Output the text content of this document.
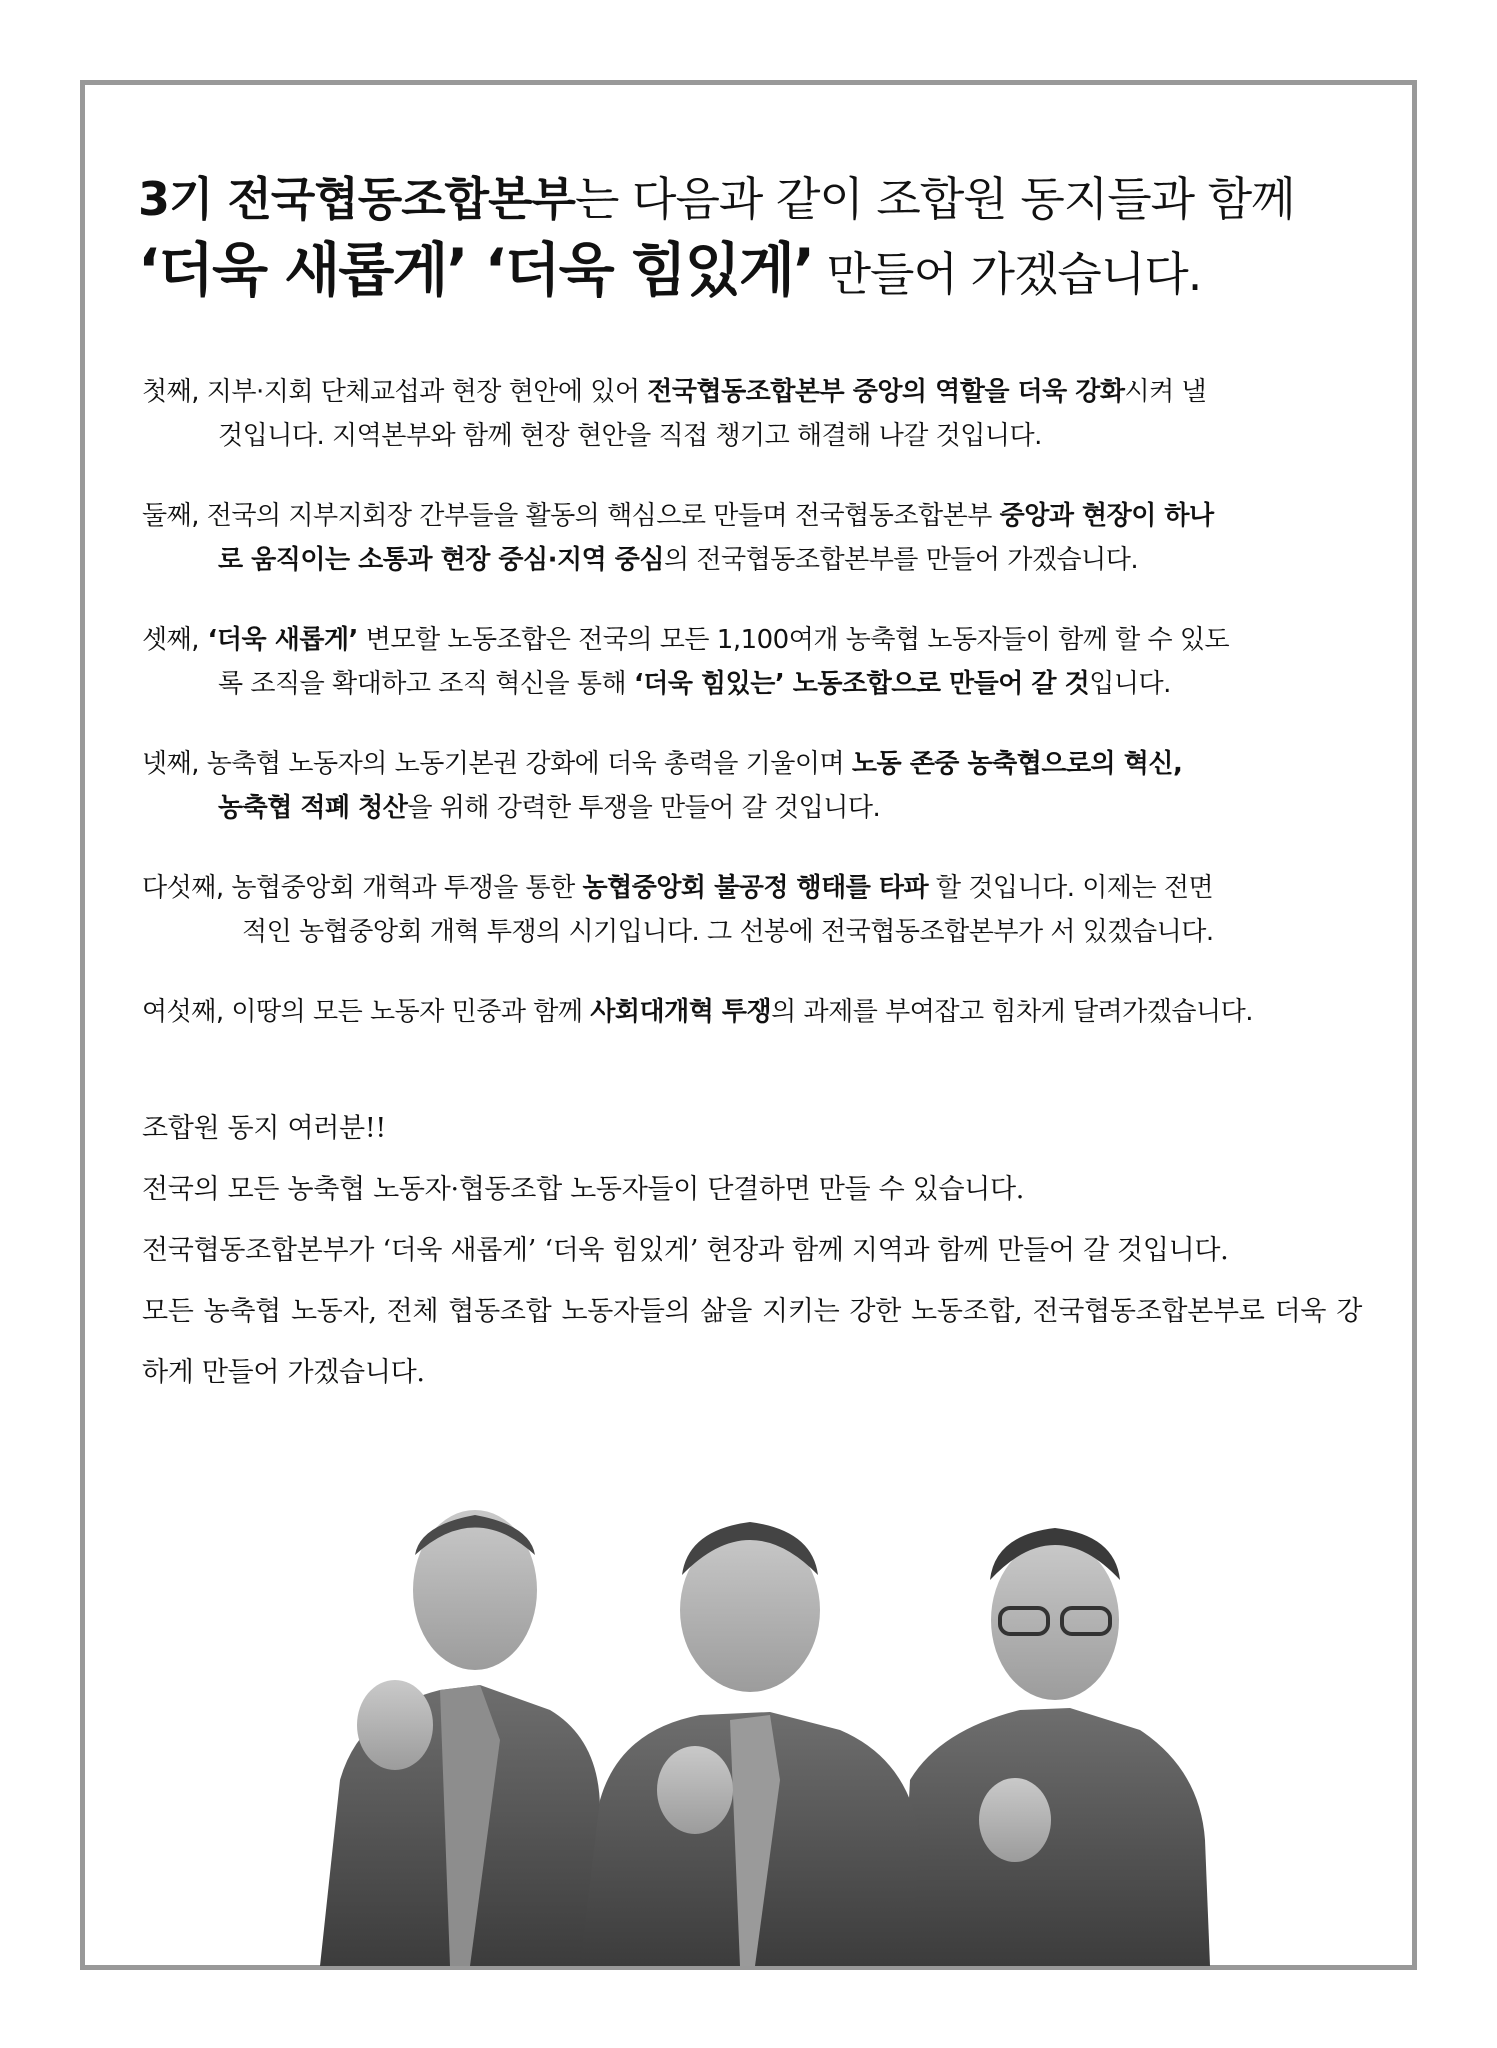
3기 전국협동조합본부는 다음과 같이 조합원 동지들과 함께
‘더욱 새롭게’ ‘더욱 힘있게’ 만들어 가겠습니다.
첫째, 지부·지회 단체교섭과 현장 현안에 있어 전국협동조합본부 중앙의 역할을 더욱 강화시켜 낼
것입니다. 지역본부와 함께 현장 현안을 직접 챙기고 해결해 나갈 것입니다.
둘째, 전국의 지부지회장 간부들을 활동의 핵심으로 만들며 전국협동조합본부 중앙과 현장이 하나
로 움직이는 소통과 현장 중심·지역 중심의 전국협동조합본부를 만들어 가겠습니다.
셋째, ‘더욱 새롭게’ 변모할 노동조합은 전국의 모든 1,100여개 농축협 노동자들이 함께 할 수 있도
록 조직을 확대하고 조직 혁신을 통해 ‘더욱 힘있는’ 노동조합으로 만들어 갈 것입니다.
넷째, 농축협 노동자의 노동기본권 강화에 더욱 총력을 기울이며 노동 존중 농축협으로의 혁신,
농축협 적폐 청산을 위해 강력한 투쟁을 만들어 갈 것입니다.
다섯째, 농협중앙회 개혁과 투쟁을 통한 농협중앙회 불공정 행태를 타파 할 것입니다. 이제는 전면
적인 농협중앙회 개혁 투쟁의 시기입니다. 그 선봉에 전국협동조합본부가 서 있겠습니다.
여섯째, 이땅의 모든 노동자 민중과 함께 사회대개혁 투쟁의 과제를 부여잡고 힘차게 달려가겠습니다.

조합원 동지 여러분!!

전국의 모든 농축협 노동자·협동조합 노동자들이 단결하면 만들 수 있습니다.

전국협동조합본부가 ‘더욱 새롭게’ ‘더욱 힘있게’ 현장과 함께 지역과 함께 만들어 갈 것입니다.

모든 농축협 노동자, 전체 협동조합 노동자들의 삶을 지키는 강한 노동조합, 전국협동조합본부로 더욱 강하게 만들어 가겠습니다.
